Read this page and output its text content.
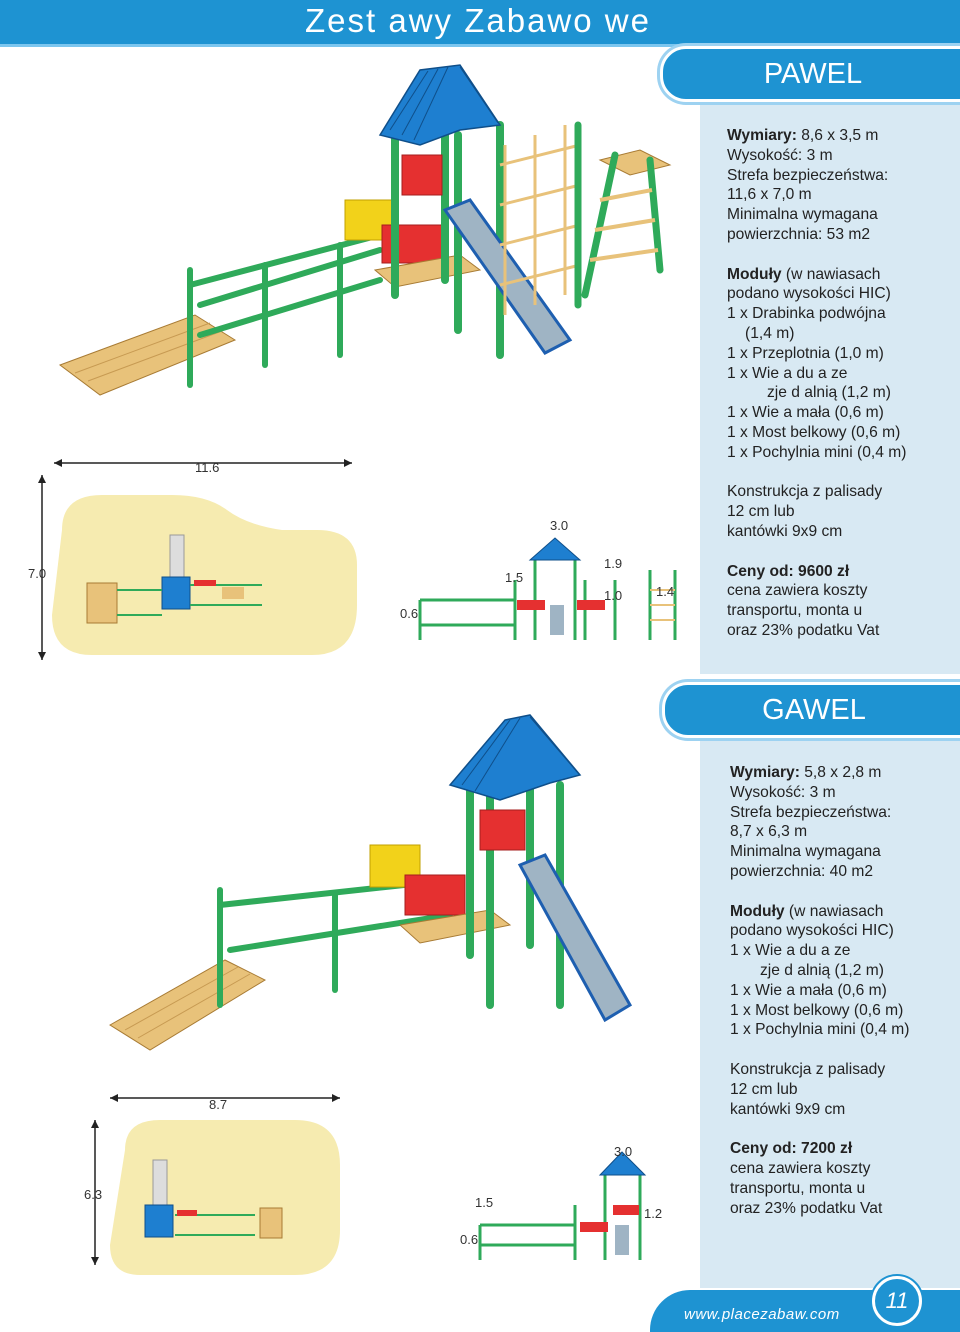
Zest awy Zabawo we
PAWEL

Wymiary: 8,6 x 3,5 m

Wysokość: 3 m

Strefa bezpieczeństwa:

11,6 x 7,0 m

Minimalna wymagana

powierzchnia: 53 m2

Moduły (w nawiasach

podano wysokości HIC)

1 x Drabinka podwójna

(1,4 m)

1 x Przeplotnia (1,0 m)

1 x Wie a du a ze

zje d alnią (1,2 m)

1 x Wie a mała (0,6 m)

1 x Most belkowy (0,6 m)

1 x Pochylnia mini (0,4 m)

Konstrukcja z palisady

12 cm lub

kantówki 9x9 cm

Ceny od: 9600 zł

cena zawiera koszty

transportu, monta u

oraz 23% podatku Vat

11.6
7.0
3.0
1.9
1.5
1.0	1.4
0.6
GAWEL

Wymiary: 5,8 x 2,8 m

Wysokość: 3 m

Strefa bezpieczeństwa:

8,7 x 6,3 m

Minimalna wymagana

powierzchnia: 40 m2

Moduły (w nawiasach

podano wysokości HIC)

1 x Wie a du a ze

zje d alnią (1,2 m)

1 x Wie a mała (0,6 m)

1 x Most belkowy (0,6 m)

1 x Pochylnia mini (0,4 m)

Konstrukcja z palisady

12 cm lub

kantówki 9x9 cm

Ceny od: 7200 zł

cena zawiera koszty

transportu, monta u

oraz 23% podatku Vat

8.7
6.3
3.0
1.5
1.2
0.6
www.placezabaw.com
11
